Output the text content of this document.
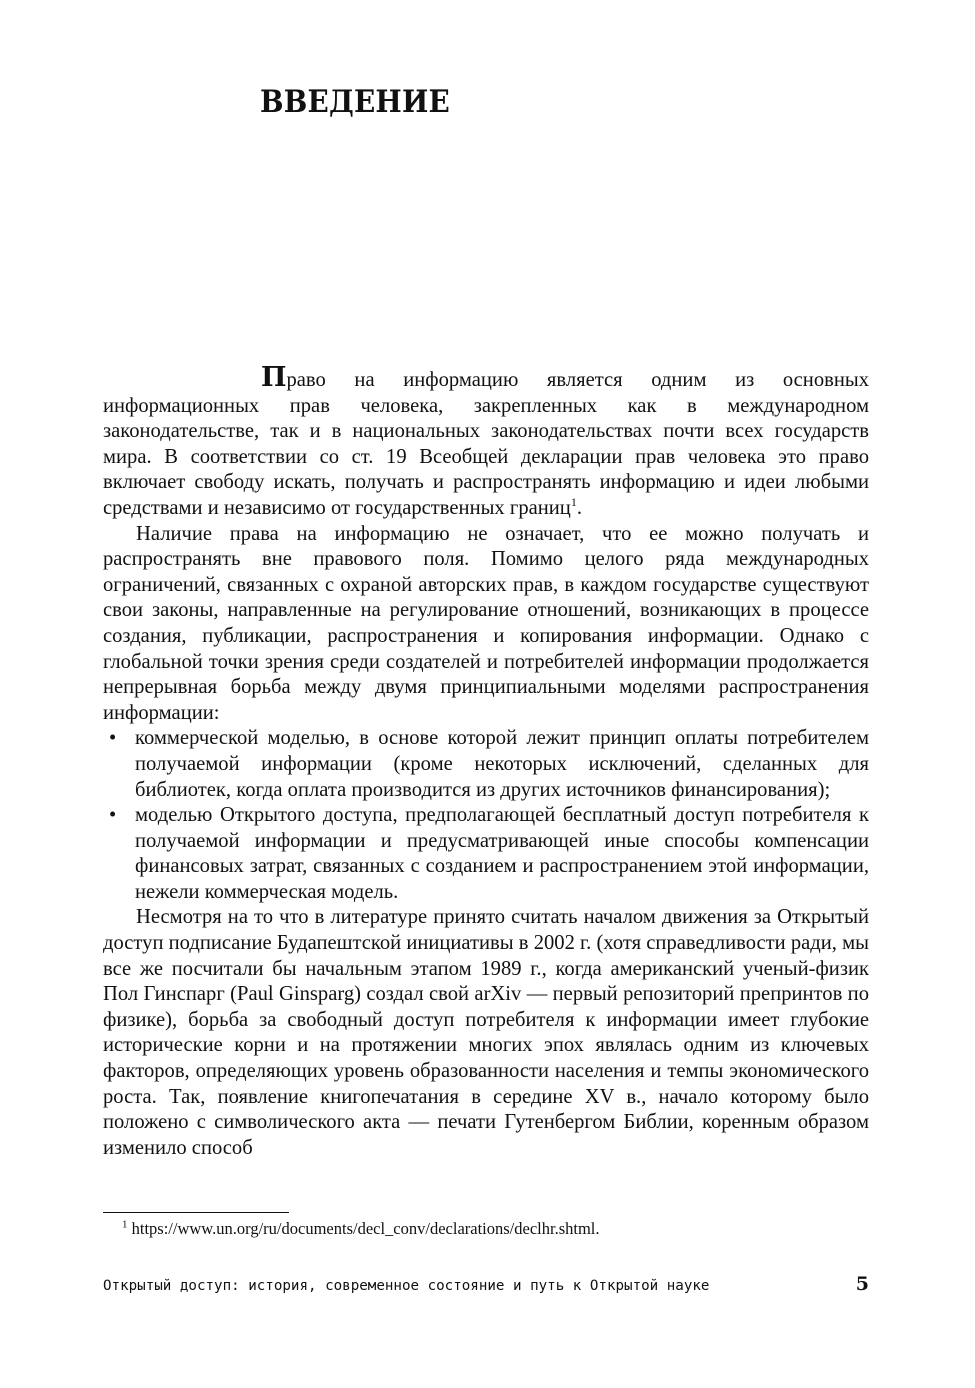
ВВЕДЕНИЕ

Право на информацию является одним из основных информационных прав человека, закрепленных как в международном законодательстве, так и в национальных законодательствах почти всех государств мира. В соответствии со ст. 19 Всеобщей декларации прав человека это право включает свободу искать, получать и распространять информацию и идеи любыми средствами и независимо от государственных границ$^1$.

Наличие права на информацию не означает, что ее можно получать и распространять вне правового поля. Помимо целого ряда международных ограничений, связанных с охраной авторских прав, в каждом государстве существуют свои законы, направленные на регулирование отношений, возникающих в процессе создания, публикации, распространения и копирования информации. Однако с глобальной точки зрения среди создателей и потребителей информации продолжается непрерывная борьба между двумя принципиальными моделями распространения информации:

• коммерческой моделью, в основе которой лежит принцип оплаты потребителем получаемой информации (кроме некоторых исключений, сделанных для библиотек, когда оплата производится из других источников финансирования);
• моделью Открытого доступа, предполагающей бесплатный доступ потребителя к получаемой информации и предусматривающей иные способы компенсации финансовых затрат, связанных с созданием и распространением этой информации, нежели коммерческая модель.

Несмотря на то что в литературе принято считать началом движения за Открытый доступ подписание Будапештской инициативы в 2002 г. (хотя справедливости ради, мы все же посчитали бы начальным этапом 1989 г., когда американский ученый-физик Пол Гинспарг (Paul Ginsparg) создал свой arXiv — первый репозиторий препринтов по физике), борьба за свободный доступ потребителя к информации имеет глубокие исторические корни и на протяжении многих эпох являлась одним из ключевых факторов, определяющих уровень образованности населения и темпы экономического роста. Так, появление книгопечатания в середине XV в., начало которому было положено с символического акта — печати Гутенбергом Библии, коренным образом изменило способ

$^1$ https://www.un.org/ru/documents/decl_conv/declarations/declhr.shtml.
Открытый доступ: история, современное состояние и путь к Открытой науке	5
